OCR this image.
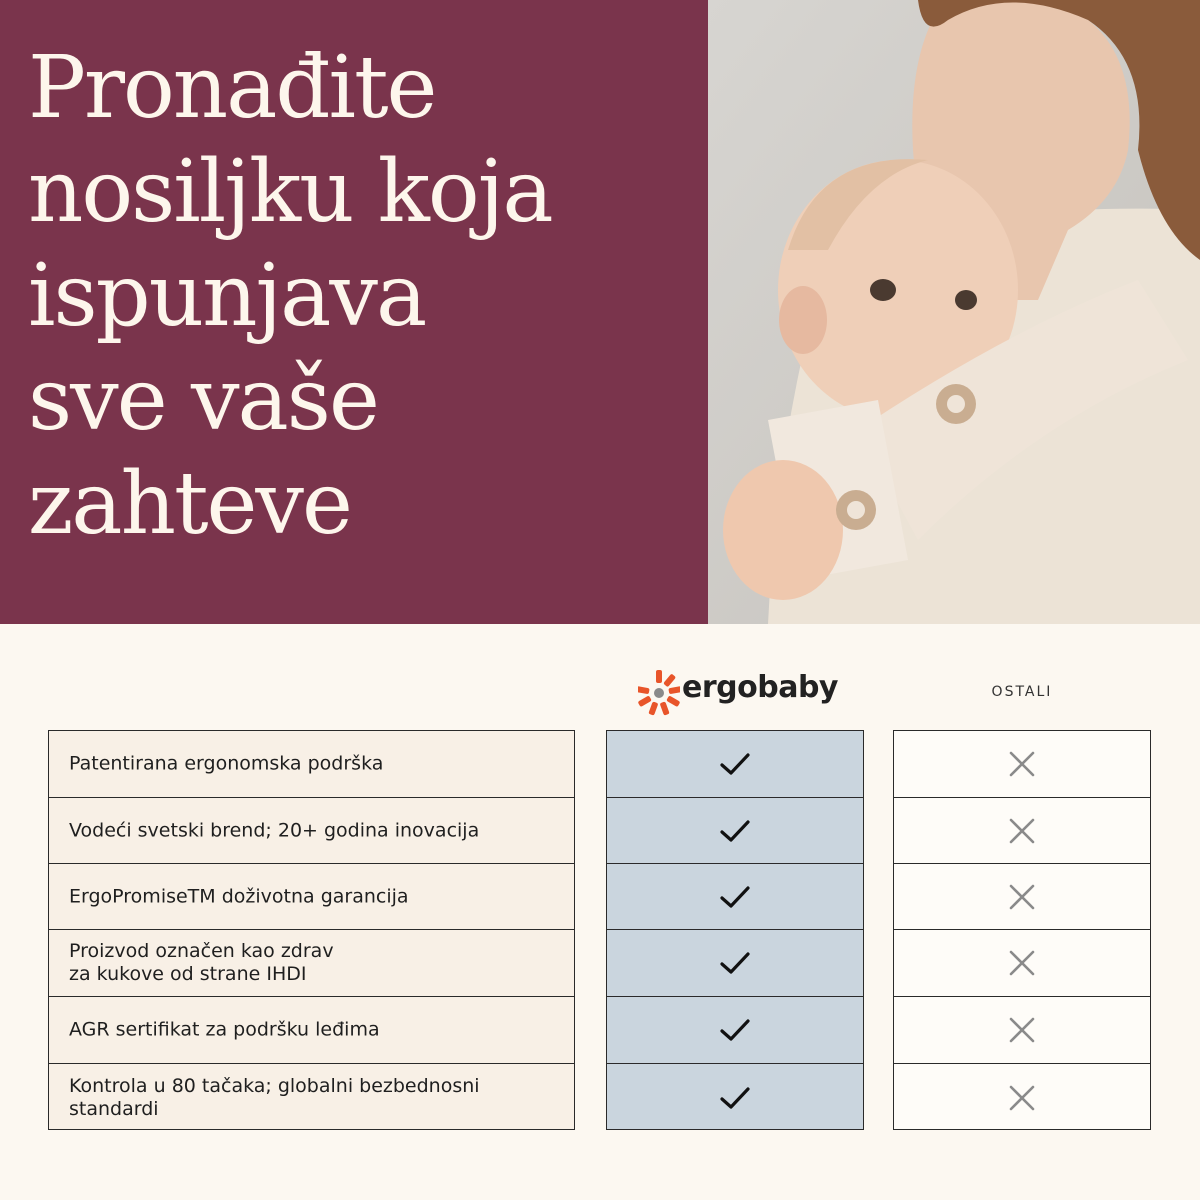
Pronađite
nosiljku koja
ispunjava
sve vaše
zahteve
ergobaby	OSTALI
Patentirana ergonomska podrška
Vodeći svetski brend; 20+ godina inovacija
ErgoPromiseTM doživotna garancija
Proizvod označen kao zdrav
za kukove od strane IHDI
AGR sertifikat za podršku leđima
Kontrola u 80 tačaka; globalni bezbednosni
standardi
